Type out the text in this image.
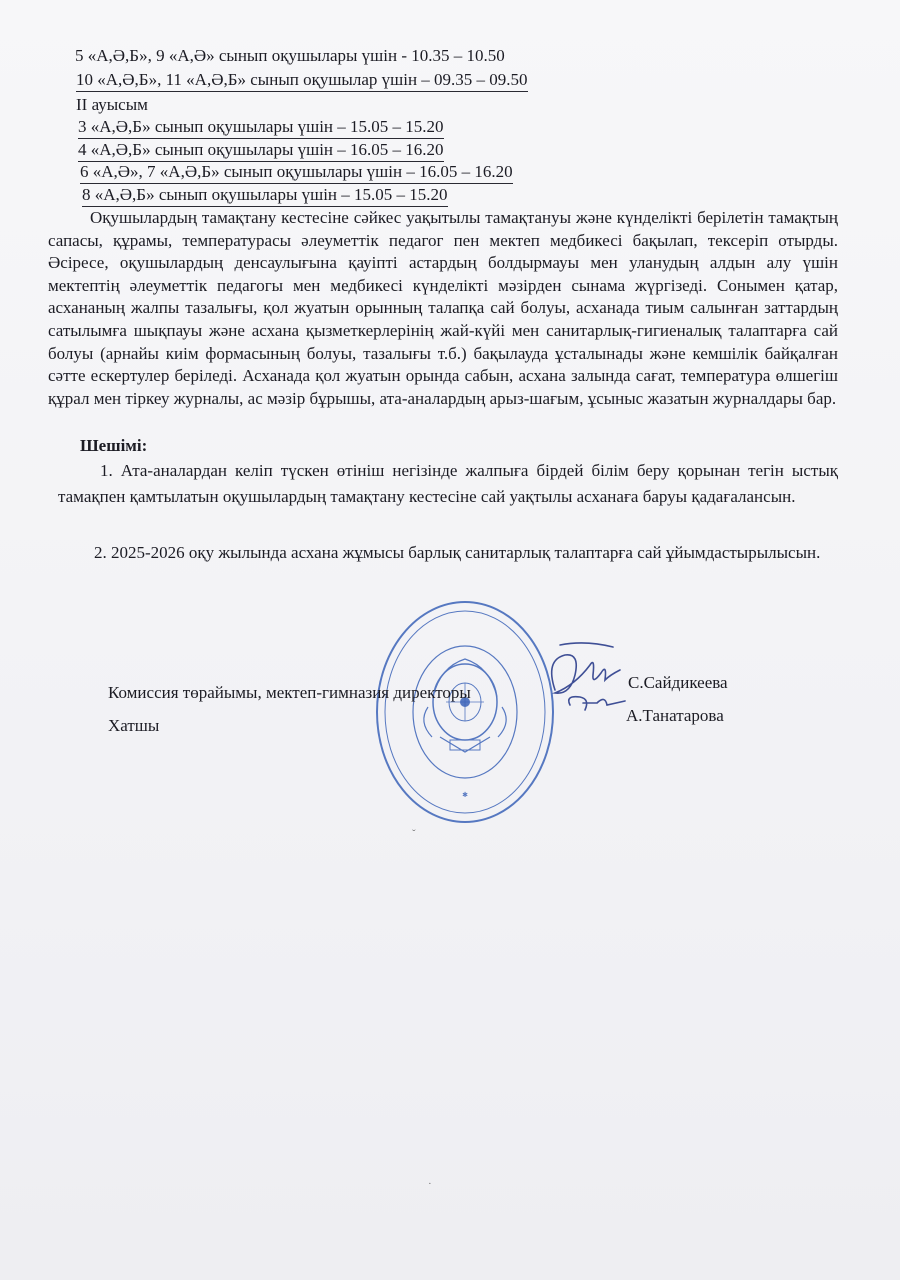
5 «А,Ә,Б», 9 «А,Ә» сынып оқушылары үшін - 10.35 – 10.50
10 «А,Ә,Б», 11 «А,Ә,Б» сынып оқушылар үшін – 09.35 – 09.50
II ауысым
3 «А,Ә,Б» сынып оқушылары үшін – 15.05 – 15.20
4 «А,Ә,Б» сынып оқушылары үшін – 16.05 – 16.20
6 «А,Ә», 7 «А,Ә,Б» сынып оқушылары үшін – 16.05 – 16.20
8 «А,Ә,Б» сынып оқушылары үшін – 15.05 – 15.20
Оқушылардың тамақтану кестесіне сәйкес уақытылы тамақтануы және күнделікті берілетін тамақтың сапасы, құрамы, температурасы әлеуметтік педагог пен мектеп медбикесі бақылап, тексеріп отырды. Әсіресе, оқушылардың денсаулығына қауіпті астардың болдырмауы мен уланудың алдын алу үшін мектептің әлеуметтік педагогы мен медбикесі күнделікті мәзірден сынама жүргізеді. Сонымен қатар, асхананың жалпы тазалығы, қол жуатын орынның талапқа сай болуы, асханада тиым салынған заттардың сатылымға шықпауы және асхана қызметкерлерінің жай-күйі мен санитарлық-гигиеналық талаптарға сай болуы (арнайы киім формасының болуы, тазалығы т.б.) бақылауда ұсталынады және кемшілік байқалған сәтте ескертулер беріледі. Асханада қол жуатын орында сабын, асхана залында сағат, температура өлшегіш құрал мен тіркеу журналы, ас мәзір бұрышы, ата-аналардың арыз-шағым, ұсыныс жазатын журналдары бар.
Шешімі:
1. Ата-аналардан келіп түскен өтініш негізінде жалпыға бірдей білім беру қорынан тегін ыстық тамақпен қамтылатын оқушылардың тамақтану кестесіне сай уақтылы асханаға баруы қадағалансын.
2. 2025-2026 оқу жылында асхана жұмысы барлық санитарлық талаптарға сай ұйымдастырылысын.
✱
Комиссия төрайымы, мектеп-гимназия директоры
С.Сайдикеева
Хатшы
А.Танатарова
ˇ
·
